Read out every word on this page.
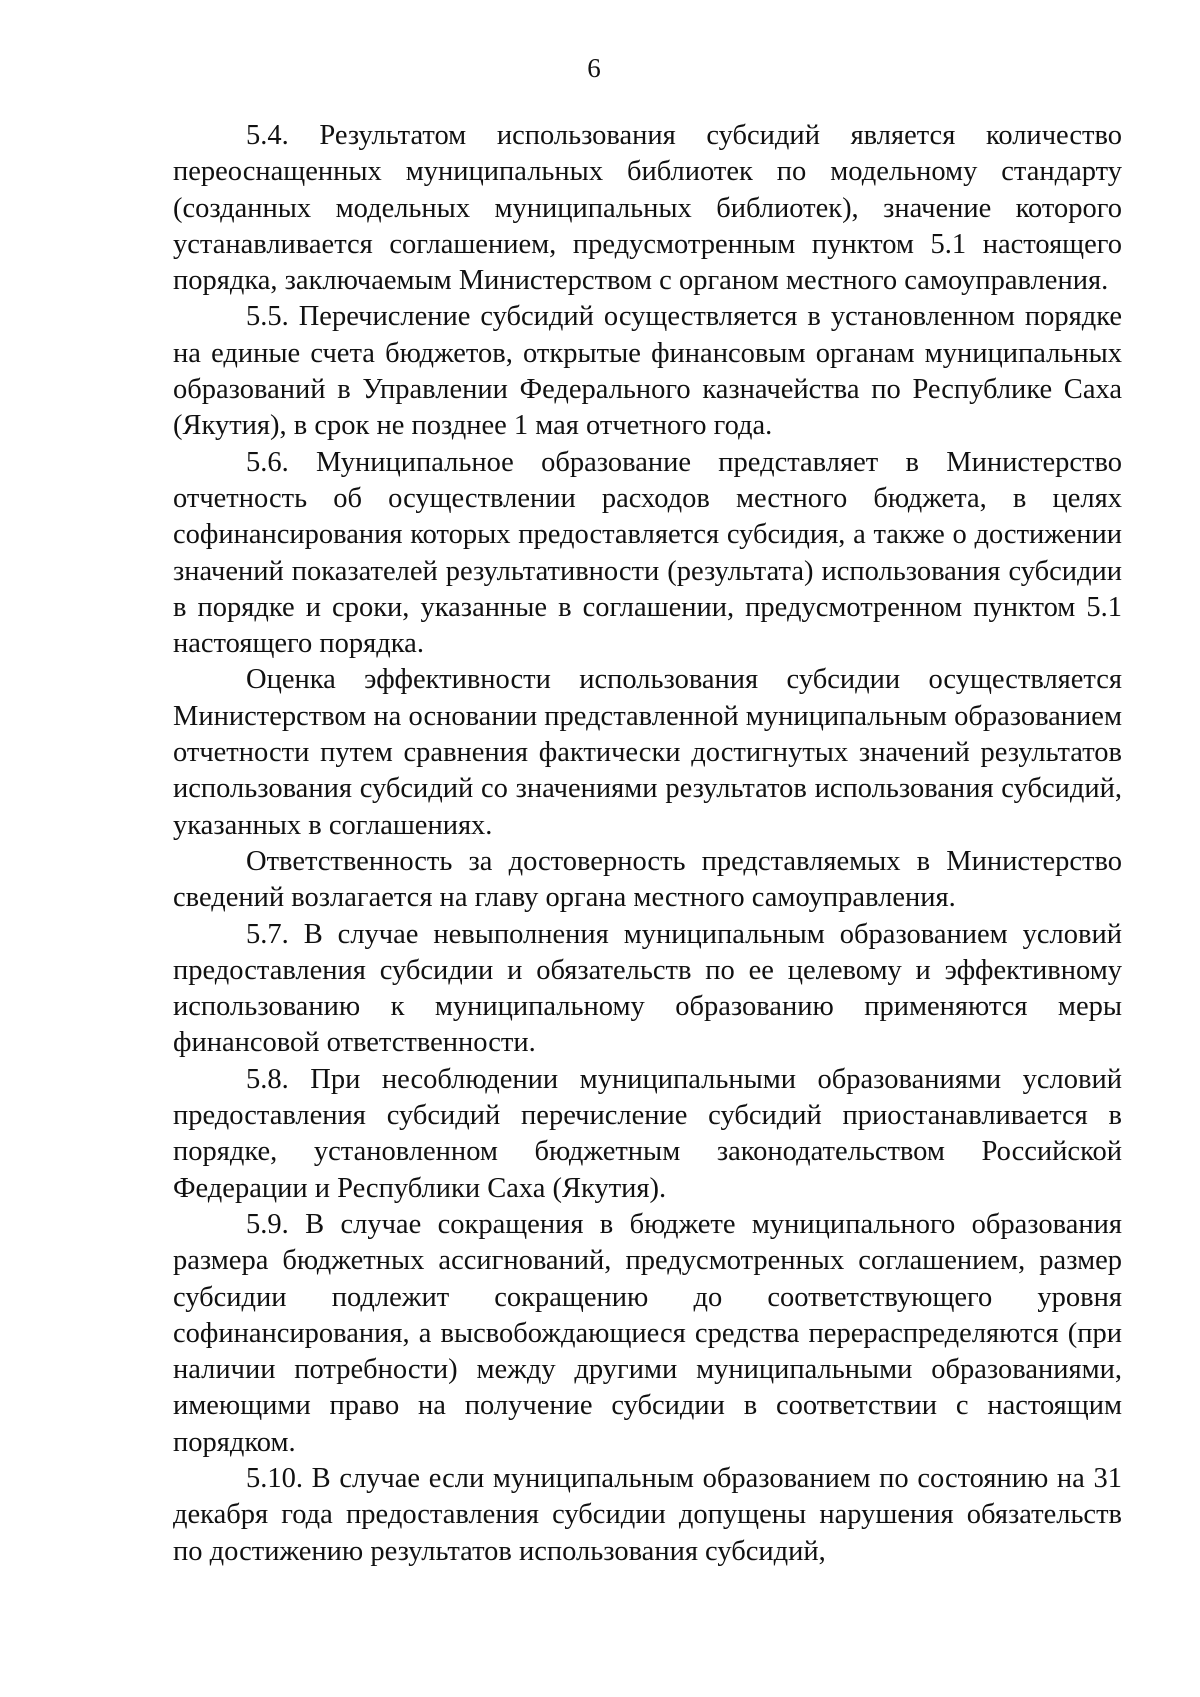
6

5.4. Результатом использования субсидий является количество переоснащенных муниципальных библиотек по модельному стандарту (созданных модельных муниципальных библиотек), значение которого устанавливается соглашением, предусмотренным пунктом 5.1 настоящего порядка, заключаемым Министерством с органом местного самоуправления.

5.5. Перечисление субсидий осуществляется в установленном порядке на единые счета бюджетов, открытые финансовым органам муниципальных образований в Управлении Федерального казначейства по Республике Саха (Якутия), в срок не позднее 1 мая отчетного года.

5.6. Муниципальное образование представляет в Министерство отчетность об осуществлении расходов местного бюджета, в целях софинансирования которых предоставляется субсидия, а также о достижении значений показателей результативности (результата) использования субсидии в порядке и сроки, указанные в соглашении, предусмотренном пунктом 5.1 настоящего порядка.

Оценка эффективности использования субсидии осуществляется Министерством на основании представленной муниципальным образованием отчетности путем сравнения фактически достигнутых значений результатов использования субсидий со значениями результатов использования субсидий, указанных в соглашениях.

Ответственность за достоверность представляемых в Министерство сведений возлагается на главу органа местного самоуправления.

5.7. В случае невыполнения муниципальным образованием условий предоставления субсидии и обязательств по ее целевому и эффективному использованию к муниципальному образованию применяются меры финансовой ответственности.

5.8. При несоблюдении муниципальными образованиями условий предоставления субсидий перечисление субсидий приостанавливается в порядке, установленном бюджетным законодательством Российской Федерации и Республики Саха (Якутия).

5.9. В случае сокращения в бюджете муниципального образования размера бюджетных ассигнований, предусмотренных соглашением, размер субсидии подлежит сокращению до соответствующего уровня софинансирования, а высвобождающиеся средства перераспределяются (при наличии потребности) между другими муниципальными образованиями, имеющими право на получение субсидии в соответствии с настоящим порядком.

5.10. В случае если муниципальным образованием по состоянию на 31 декабря года предоставления субсидии допущены нарушения обязательств по достижению результатов использования субсидий,
